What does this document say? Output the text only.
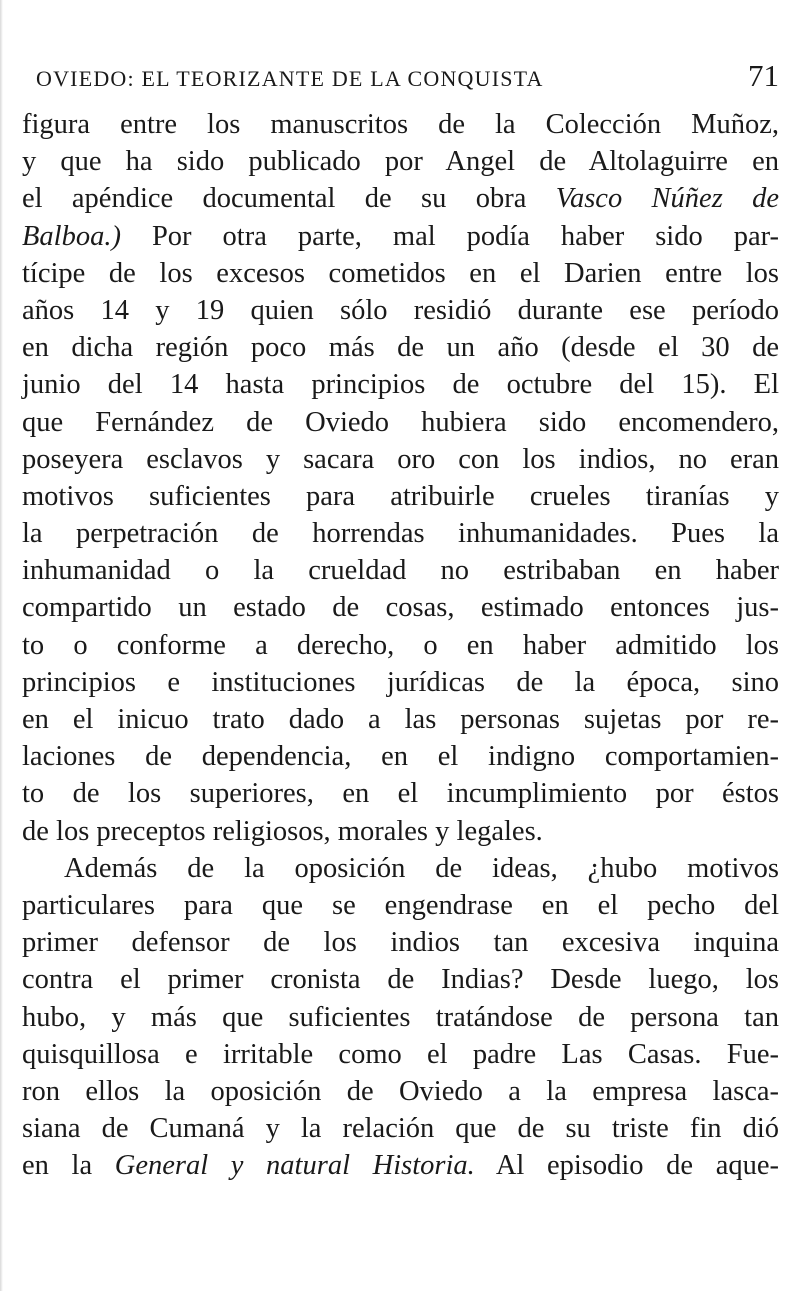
OVIEDO: EL TEORIZANTE DE LA CONQUISTA	71
figura entre los manuscritos de la Colección Muñoz,
y que ha sido publicado por Angel de Altolaguirre en
el apéndice documental de su obra Vasco Núñez de
Balboa.) Por otra parte, mal podía haber sido par-
tícipe de los excesos cometidos en el Darien entre los
años 14 y 19 quien sólo residió durante ese período
en dicha región poco más de un año (desde el 30 de
junio del 14 hasta principios de octubre del 15). El
que Fernández de Oviedo hubiera sido encomendero,
poseyera esclavos y sacara oro con los indios, no eran
motivos suficientes para atribuirle crueles tiranías y
la perpetración de horrendas inhumanidades. Pues la
inhumanidad o la crueldad no estribaban en haber
compartido un estado de cosas, estimado entonces jus-
to o conforme a derecho, o en haber admitido los
principios e instituciones jurídicas de la época, sino
en el inicuo trato dado a las personas sujetas por re-
laciones de dependencia, en el indigno comportamien-
to de los superiores, en el incumplimiento por éstos
de los preceptos religiosos, morales y legales.
Además de la oposición de ideas, ¿hubo motivos
particulares para que se engendrase en el pecho del
primer defensor de los indios tan excesiva inquina
contra el primer cronista de Indias? Desde luego, los
hubo, y más que suficientes tratándose de persona tan
quisquillosa e irritable como el padre Las Casas. Fue-
ron ellos la oposición de Oviedo a la empresa lasca-
siana de Cumaná y la relación que de su triste fin dió
en la General y natural Historia. Al episodio de aque-
